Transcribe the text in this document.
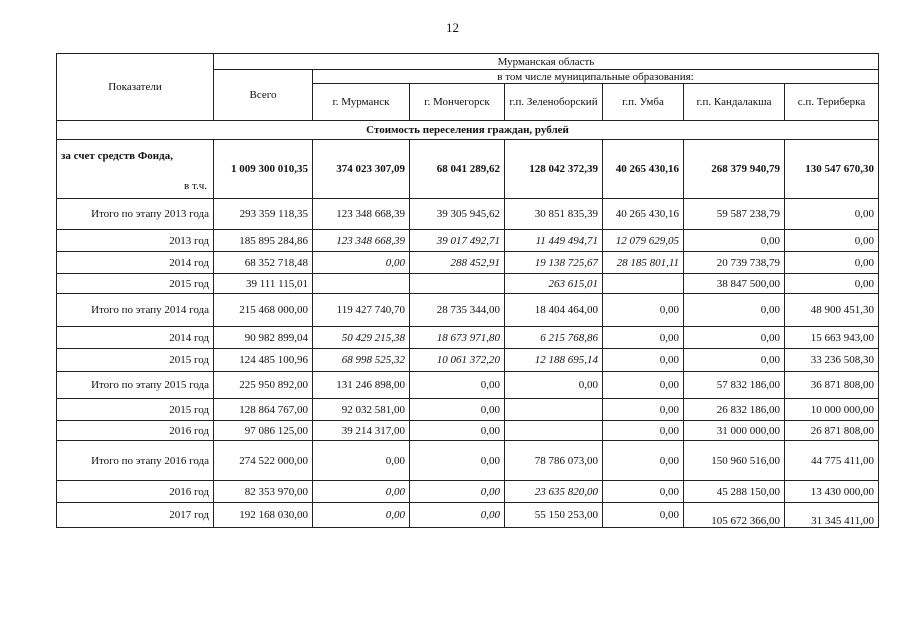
12
Показатели	Мурманская область						
	Всего	в том числе муниципальные образования:					
		г. Мурманск	г. Мончегорск	г.п. Зеленоборский	г.п. Умба	г.п. Кандалакша	с.п. Териберка
Стоимость переселения граждан, рублей							

за счет средств Фонда,
в т.ч.	1 009 300 010,35	374 023 307,09	68 041 289,62	128 042 372,39	40 265 430,16	268 379 940,79	130 547 670,30
Итого по этапу 2013 года	293 359 118,35	123 348 668,39	39 305 945,62	30 851 835,39	40 265 430,16	59 587 238,79	0,00
2013 год	185 895 284,86	123 348 668,39	39 017 492,71	11 449 494,71	12 079 629,05	0,00	0,00
2014 год	68 352 718,48	0,00	288 452,91	19 138 725,67	28 185 801,11	20 739 738,79	0,00
2015 год	39 111 115,01			263 615,01		38 847 500,00	0,00
Итого по этапу 2014 года	215 468 000,00	119 427 740,70	28 735 344,00	18 404 464,00	0,00	0,00	48 900 451,30
2014 год	90 982 899,04	50 429 215,38	18 673 971,80	6 215 768,86	0,00	0,00	15 663 943,00
2015 год	124 485 100,96	68 998 525,32	10 061 372,20	12 188 695,14	0,00	0,00	33 236 508,30
Итого по этапу 2015 года	225 950 892,00	131 246 898,00	0,00	0,00	0,00	57 832 186,00	36 871 808,00
2015 год	128 864 767,00	92 032 581,00	0,00		0,00	26 832 186,00	10 000 000,00
2016 год	97 086 125,00	39 214 317,00	0,00		0,00	31 000 000,00	26 871 808,00
Итого по этапу 2016 года	274 522 000,00	0,00	0,00	78 786 073,00	0,00	150 960 516,00	44 775 411,00
2016 год	82 353 970,00	0,00	0,00	23 635 820,00	0,00	45 288 150,00	13 430 000,00
2017 год	192 168 030,00	0,00	0,00	55 150 253,00	0,00	105 672 366,00	31 345 411,00
